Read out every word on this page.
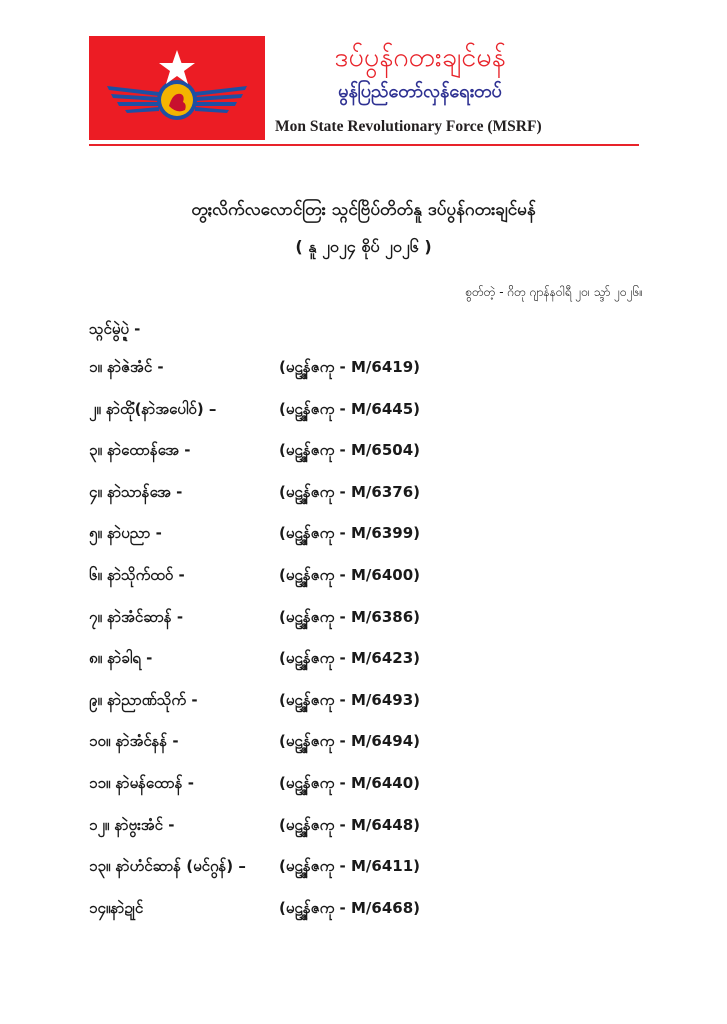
ဒပ်ပွန်ဂတးချင်မန်
မွန်ပြည်တော်လှန်ရေးတပ်
Mon State Revolutionary Force (MSRF)
တွႏလိက်လလောင်တြး သ္ဂင်ဗြိပ်တိတ်နူ ဒပ်ပွန်ဂတးချင်မန်
( နူ ၂၀၂၄ စိုပ် ၂၀၂၆ )
စွတ်တဲ့ - ဂိတု ဂျာန်နဝါရီ ၂၀၊ သ္ဒာ် ၂၀၂၆။
သ္ဂင်မွဲပ္ဍဲ -
၁။ နာဲဇဲအံင် -	(မဠ္ဇန်ဇကု - M/6419)
၂။ နာဲထိုံ(နာဲအပေါဝ်) –	(မဠ္ဇန်ဇကု - M/6445)
၃။ နာဲထောန်အေ -	(မဠ္ဇန်ဇကု - M/6504)
၄။ နာဲသာန်အေ -	(မဠ္ဇန်ဇကု - M/6376)
၅။ နာဲပညာ -	(မဠ္ဇန်ဇကု - M/6399)
၆။ နာဲသိုက်ထဝ် -	(မဠ္ဇန်ဇကု - M/6400)
၇။ နာဲအံင်ဆာန် -	(မဠ္ဇန်ဇကု - M/6386)
၈။ နာဲခါရ -	(မဠ္ဇန်ဇကု - M/6423)
၉။ နာဲညာဏ်သိုက် -	(မဠ္ဇန်ဇကု - M/6493)
၁၀။ နာဲအံင်နန် -	(မဠ္ဇန်ဇကု - M/6494)
၁၁။ နာဲမန်ထောန် -	(မဠ္ဇန်ဇကု - M/6440)
၁၂။ နာဲဗွးအံင် -	(မဠ္ဇန်ဇကု - M/6448)
၁၃။ နာဲဟံင်ဆာန် (မင်ဂွန်) – (မဠ္ဇန်ဇကု - M/6411)
၁၄။နာဲဍုင်	(မဠ္ဇန်ဇကု - M/6468)
